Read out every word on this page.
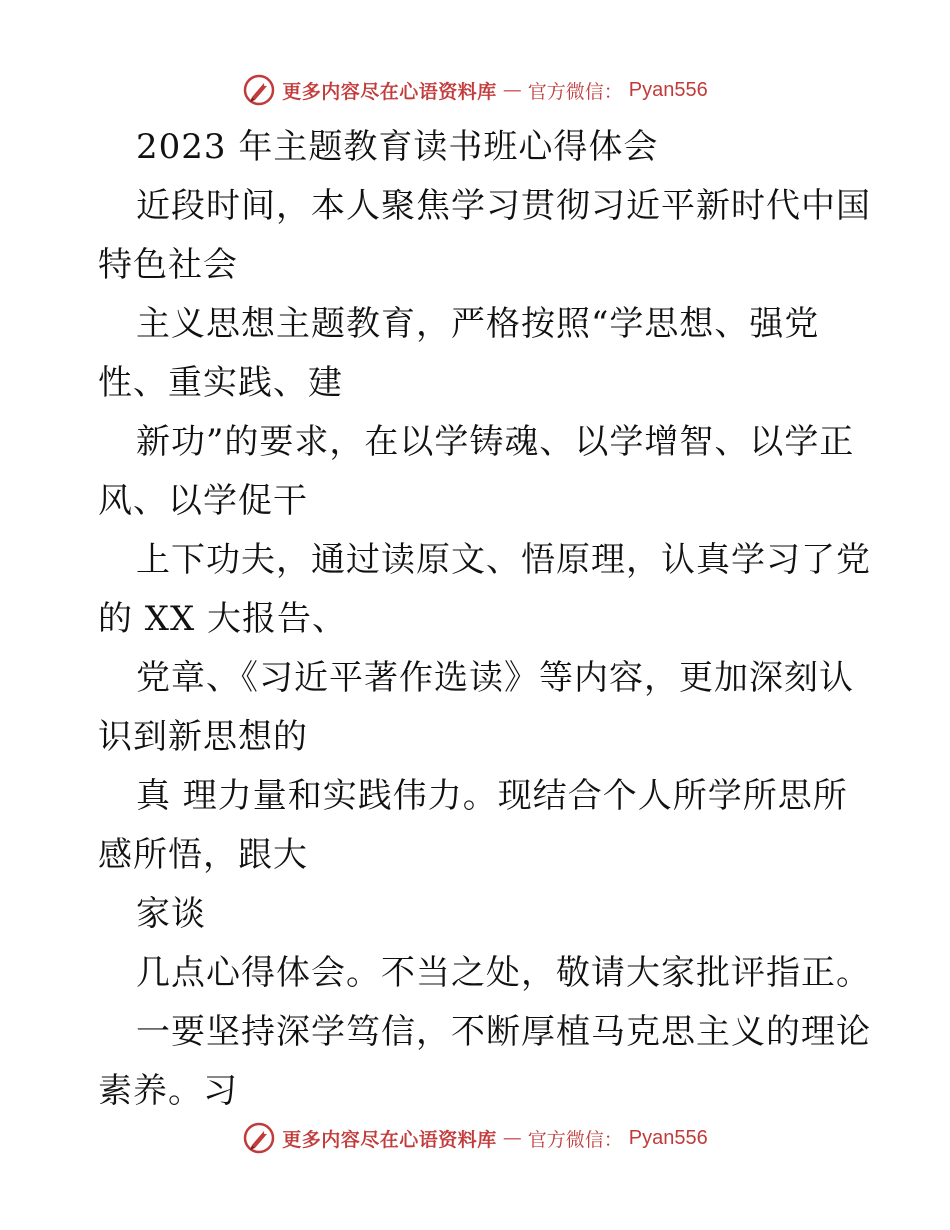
更多内容尽在心语资料库 — 官方微信： Pyan556
2023 年主题教育读书班心得体会
近段时间，本人聚焦学习贯彻习近平新时代中国
特色社会
主义思想主题教育，严格按照“学思想、强党
性、重实践、建
新功”的要求，在以学铸魂、以学增智、以学正
风、以学促干
上下功夫，通过读原文、悟原理，认真学习了党
的 XX 大报告、
党章、《习近平著作选读》等内容，更加深刻认
识到新思想的
真 理力量和实践伟力。现结合个人所学所思所
感所悟，跟大
家谈
几点心得体会。不当之处，敬请大家批评指正。
一要坚持深学笃信，不断厚植马克思主义的理论
素养。习
更多内容尽在心语资料库 — 官方微信： Pyan556
